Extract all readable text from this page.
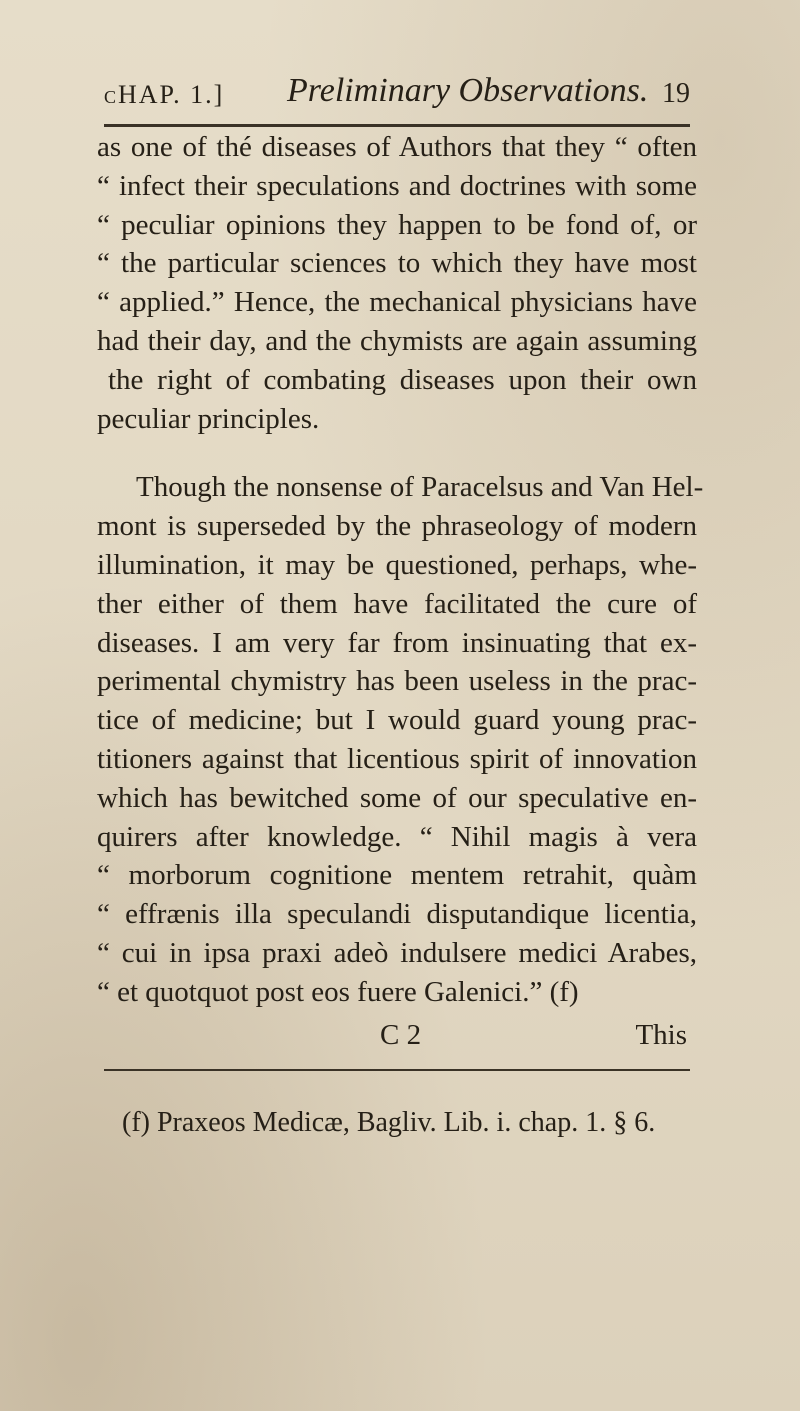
cHAP. 1.] Preliminary Observations. 19
as one of thé diseases of Authors that they “ often
“ infect their speculations and doctrines with some
“ peculiar opinions they happen to be fond of, or
“ the particular sciences to which they have most
“ applied.” Hence, the mechanical physicians have
had their day, and the chymists are again assuming
the right of combating diseases upon their own
peculiar principles.
Though the nonsense of Paracelsus and Van Hel-
mont is superseded by the phraseology of modern
illumination, it may be questioned, perhaps, whe-
ther either of them have facilitated the cure of
diseases. I am very far from insinuating that ex-
perimental chymistry has been useless in the prac-
tice of medicine; but I would guard young prac-
titioners against that licentious spirit of innovation
which has bewitched some of our speculative en-
quirers after knowledge. “ Nihil magis à vera
“ morborum cognitione mentem retrahit, quàm
“ effrænis illa speculandi disputandique licentia,
“ cui in ipsa praxi adeò indulsere medici Arabes,
“ et quotquot post eos fuere Galenici.” (f)
C 2	This
(f) Praxeos Medicæ, Bagliv. Lib. i. chap. 1. § 6.
